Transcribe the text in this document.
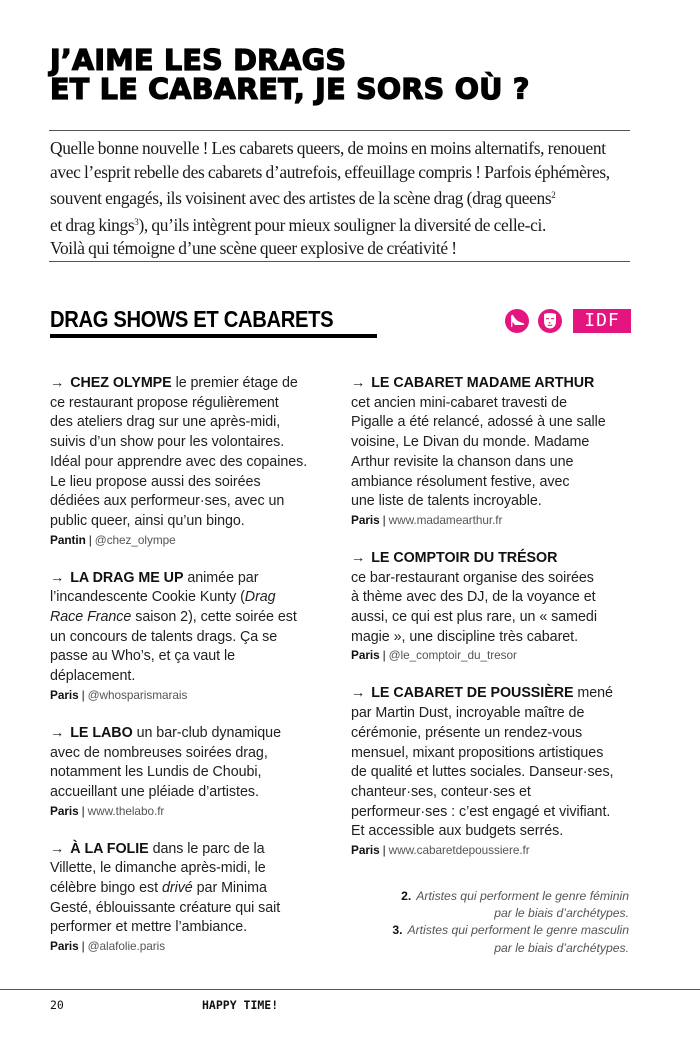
J’AIME LES DRAGS
ET LE CABARET, JE SORS OÙ ?

Quelle bonne nouvelle ! Les cabarets queers, de moins en moins alternatifs, renouent
avec l’esprit rebelle des cabarets d’autrefois, effeuillage compris ! Parfois éphémères,
souvent engagés, ils voisinent avec des artistes de la scène drag (drag queens$^2$
et drag kings$^3$), qu’ils intègrent pour mieux souligner la diversité de celle-ci.
Voilà qui témoigne d’une scène queer explosive de créativité !

DRAG SHOWS ET CABARETS	IDF
→ CHEZ OLYMPE le premier étage de
ce restaurant propose régulièrement
des ateliers drag sur une après-midi,
suivis d’un show pour les volontaires.
Idéal pour apprendre avec des copaines.
Le lieu propose aussi des soirées
dédiées aux performeur·ses, avec un
public queer, ainsi qu’un bingo.
Pantin | @chez_olympe
→ LA DRAG ME UP animée par
l’incandescente Cookie Kunty (Drag
Race France saison 2), cette soirée est
un concours de talents drags. Ça se
passe au Who’s, et ça vaut le
déplacement.
Paris | @whosparismarais
→ LE LABO un bar-club dynamique
avec de nombreuses soirées drag,
notamment les Lundis de Choubi,
accueillant une pléiade d’artistes.
Paris | www.thelabo.fr
→ À LA FOLIE dans le parc de la
Villette, le dimanche après-midi, le
célèbre bingo est drivé par Minima
Gesté, éblouissante créature qui sait
performer et mettre l’ambiance.
Paris | @alafolie.paris
→ LE CABARET MADAME ARTHUR
cet ancien mini-cabaret travesti de
Pigalle a été relancé, adossé à une salle
voisine, Le Divan du monde. Madame
Arthur revisite la chanson dans une
ambiance résolument festive, avec
une liste de talents incroyable.
Paris | www.madamearthur.fr
→ LE COMPTOIR DU TRÉSOR
ce bar-restaurant organise des soirées
à thème avec des DJ, de la voyance et
aussi, ce qui est plus rare, un « samedi
magie », une discipline très cabaret.
Paris | @le_comptoir_du_tresor
→ LE CABARET DE POUSSIÈRE mené
par Martin Dust, incroyable maître de
cérémonie, présente un rendez-vous
mensuel, mixant propositions artistiques
de qualité et luttes sociales. Danseur·ses,
chanteur·ses, conteur·ses et
performeur·ses : c’est engagé et vivifiant.
Et accessible aux budgets serrés.
Paris | www.cabaretdepoussiere.fr
2. Artistes qui performent le genre féminin
par le biais d’archétypes.
3. Artistes qui performent le genre masculin
par le biais d’archétypes.
20	HAPPY TIME!
